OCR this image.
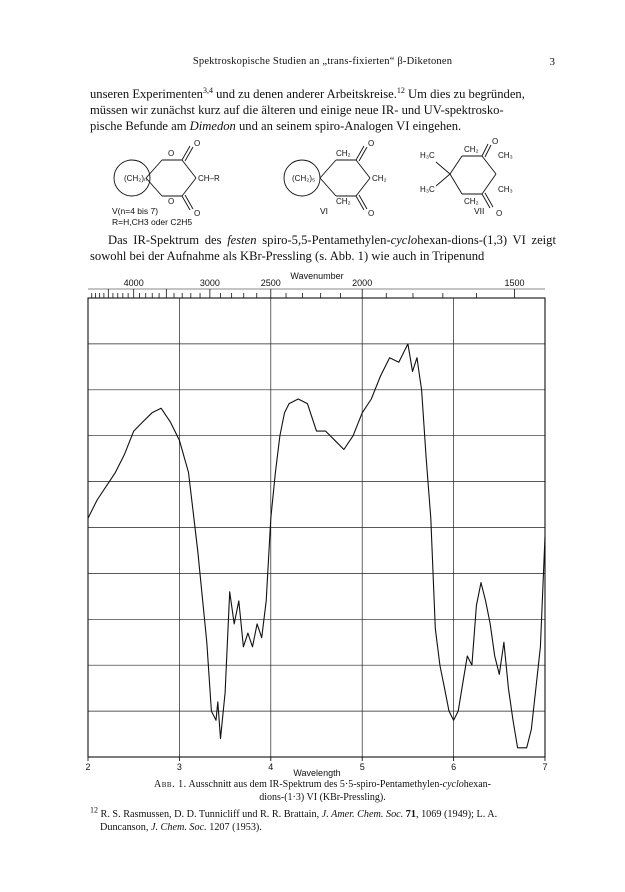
Spektroskopische Studien an „trans-fixierten“ β-Diketonen	3

unseren Experimenten$^{3,4}$ und zu denen anderer Arbeitskreise.$^{12}$ Um dies zu begründen,

müssen wir zunächst kurz auf die älteren und einige neue IR- und UV-spektrosko-

pische Befunde am Dimedon und an seinem spiro-Analogen VI eingehen.

(CH₂)ₙ	CH–R
O
O
O
O
(CH₂)₅
CH₂
CH₂
CH₂
O
O
H₃C
H₃C
CH₂
CH₂
CH₃
CH₃
O
O
V(n=4 bis 7)
R=H,CH3 oder C2H5
VI	VII

Das IR-Spektrum des festen spiro-5,5-Pentamethylen-cyclohexan-dions-(1,3) VI zeigt sowohl bei der Aufnahme als KBr-Pressling (s. Abb. 1) wie auch in Tripenund

Wavenumber
4000	3000	2500	2000	1500
2	3	4	5	6	7
Wavelength
Abb. 1. Ausschnitt aus dem IR-Spektrum des 5·5-spiro-Pentamethylen-cyclohexan-
dions-(1·3) VI (KBr-Pressling).

$^{12}$ R. S. Rasmussen, D. D. Tunnicliff und R. R. Brattain, J. Amer. Chem. Soc. 71, 1069 (1949); L. A.

Duncanson, J. Chem. Soc. 1207 (1953).
